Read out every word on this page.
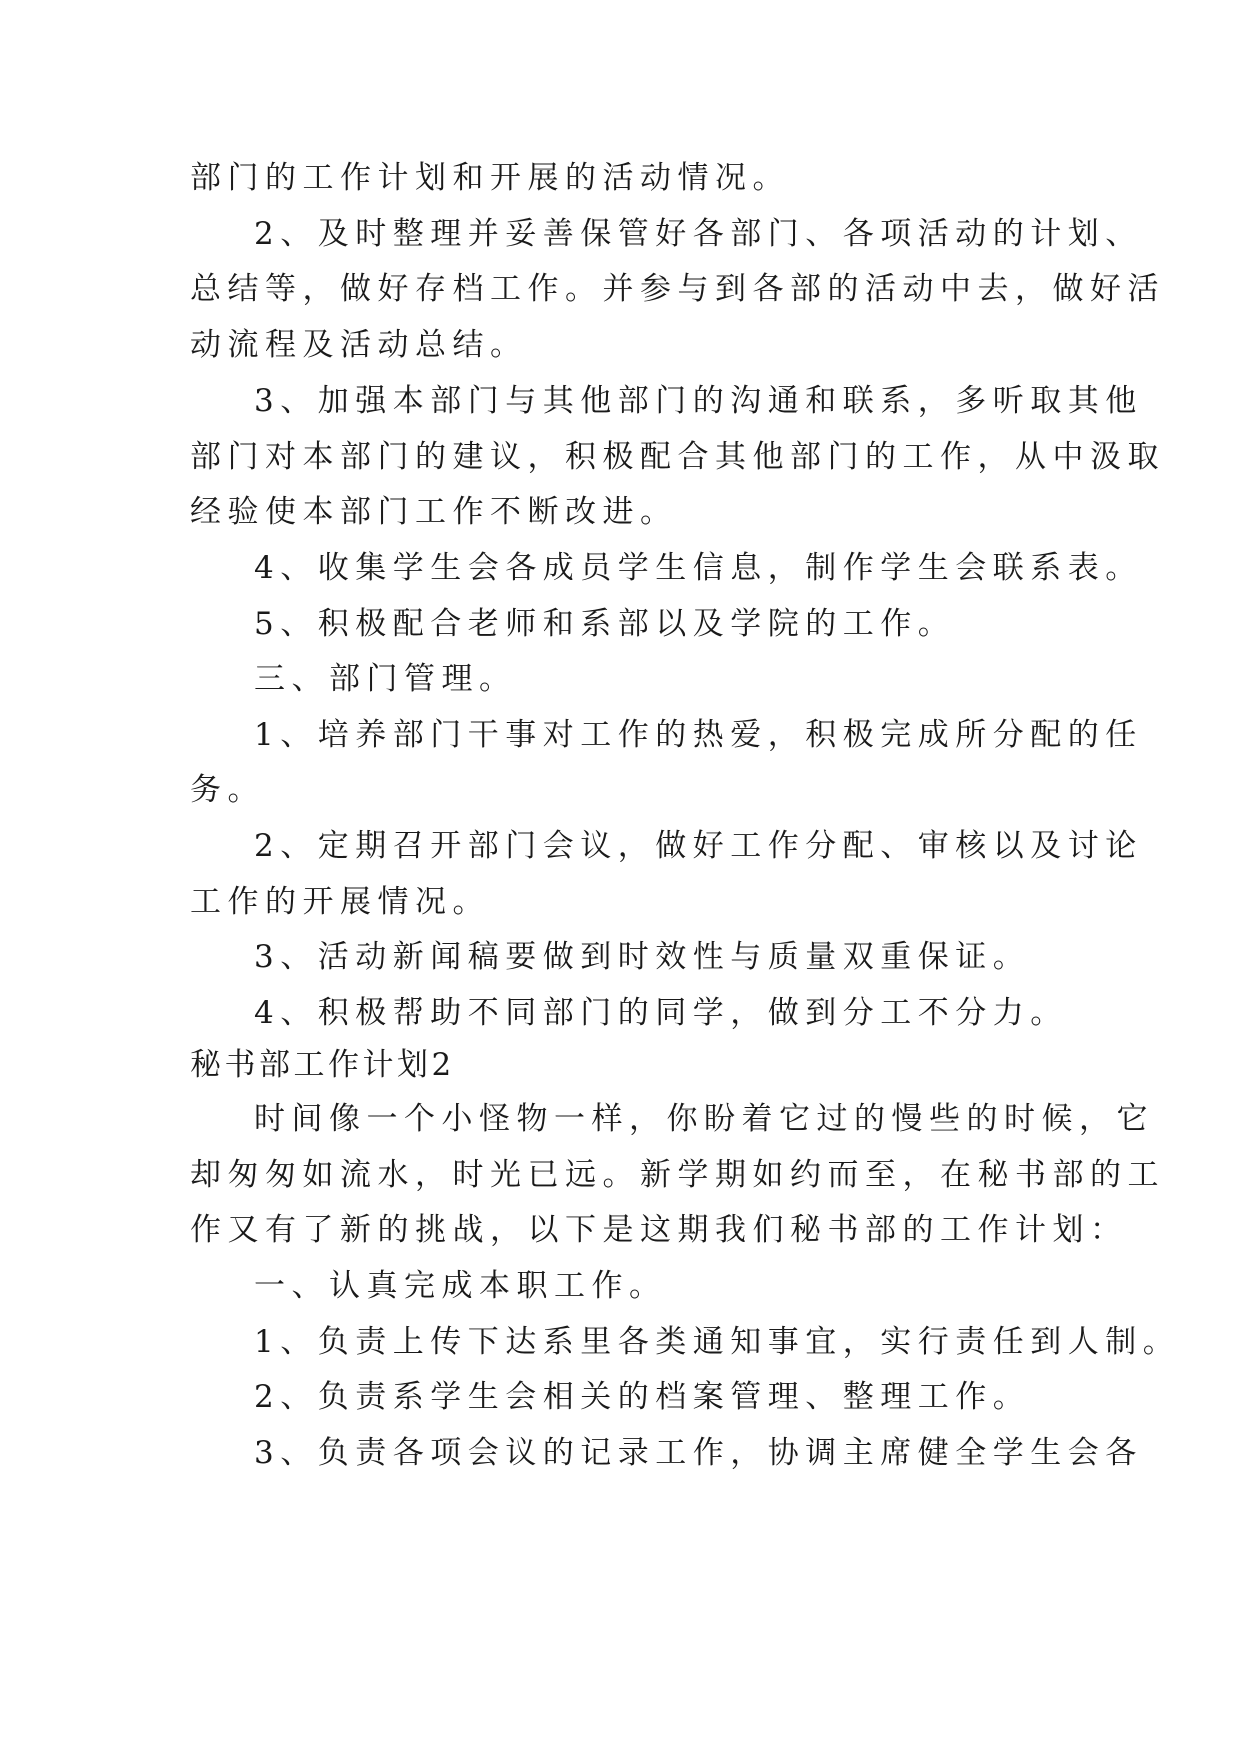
部门的工作计划和开展的活动情况。
2、及时整理并妥善保管好各部门、各项活动的计划、
总结等，做好存档工作。并参与到各部的活动中去，做好活
动流程及活动总结。
3、加强本部门与其他部门的沟通和联系，多听取其他
部门对本部门的建议，积极配合其他部门的工作，从中汲取
经验使本部门工作不断改进。
4、收集学生会各成员学生信息，制作学生会联系表。
5、积极配合老师和系部以及学院的工作。
三、部门管理。
1、培养部门干事对工作的热爱，积极完成所分配的任
务。
2、定期召开部门会议，做好工作分配、审核以及讨论
工作的开展情况。
3、活动新闻稿要做到时效性与质量双重保证。
4、积极帮助不同部门的同学，做到分工不分力。
秘书部工作计划2
时间像一个小怪物一样，你盼着它过的慢些的时候，它
却匆匆如流水，时光已远。新学期如约而至，在秘书部的工
作又有了新的挑战，以下是这期我们秘书部的工作计划：
一、认真完成本职工作。
1、负责上传下达系里各类通知事宜，实行责任到人制。
2、负责系学生会相关的档案管理、整理工作。
3、负责各项会议的记录工作，协调主席健全学生会各
